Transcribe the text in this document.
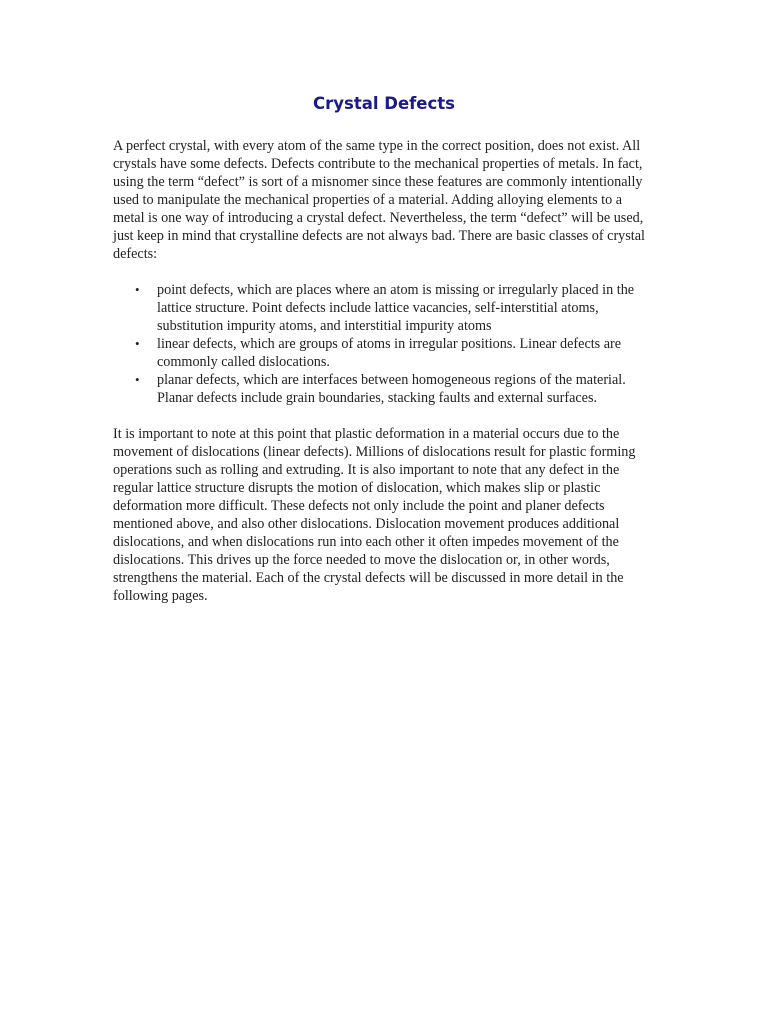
Crystal Defects

A perfect crystal, with every atom of the same type in the correct position, does not exist. All crystals have some defects. Defects contribute to the mechanical properties of metals. In fact, using the term “defect” is sort of a misnomer since these features are commonly intentionally used to manipulate the mechanical properties of a material. Adding alloying elements to a metal is one way of introducing a crystal defect. Nevertheless, the term “defect” will be used, just keep in mind that crystalline defects are not always bad. There are basic classes of crystal defects:

• point defects, which are places where an atom is missing or irregularly placed in the lattice structure. Point defects include lattice vacancies, self-interstitial atoms, substitution impurity atoms, and interstitial impurity atoms
• linear defects, which are groups of atoms in irregular positions. Linear defects are commonly called dislocations.
• planar defects, which are interfaces between homogeneous regions of the material. Planar defects include grain boundaries, stacking faults and external surfaces.

It is important to note at this point that plastic deformation in a material occurs due to the movement of dislocations (linear defects). Millions of dislocations result for plastic forming operations such as rolling and extruding. It is also important to note that any defect in the regular lattice structure disrupts the motion of dislocation, which makes slip or plastic deformation more difficult. These defects not only include the point and planer defects mentioned above, and also other dislocations. Dislocation movement produces additional dislocations, and when dislocations run into each other it often impedes movement of the dislocations. This drives up the force needed to move the dislocation or, in other words, strengthens the material. Each of the crystal defects will be discussed in more detail in the following pages.
